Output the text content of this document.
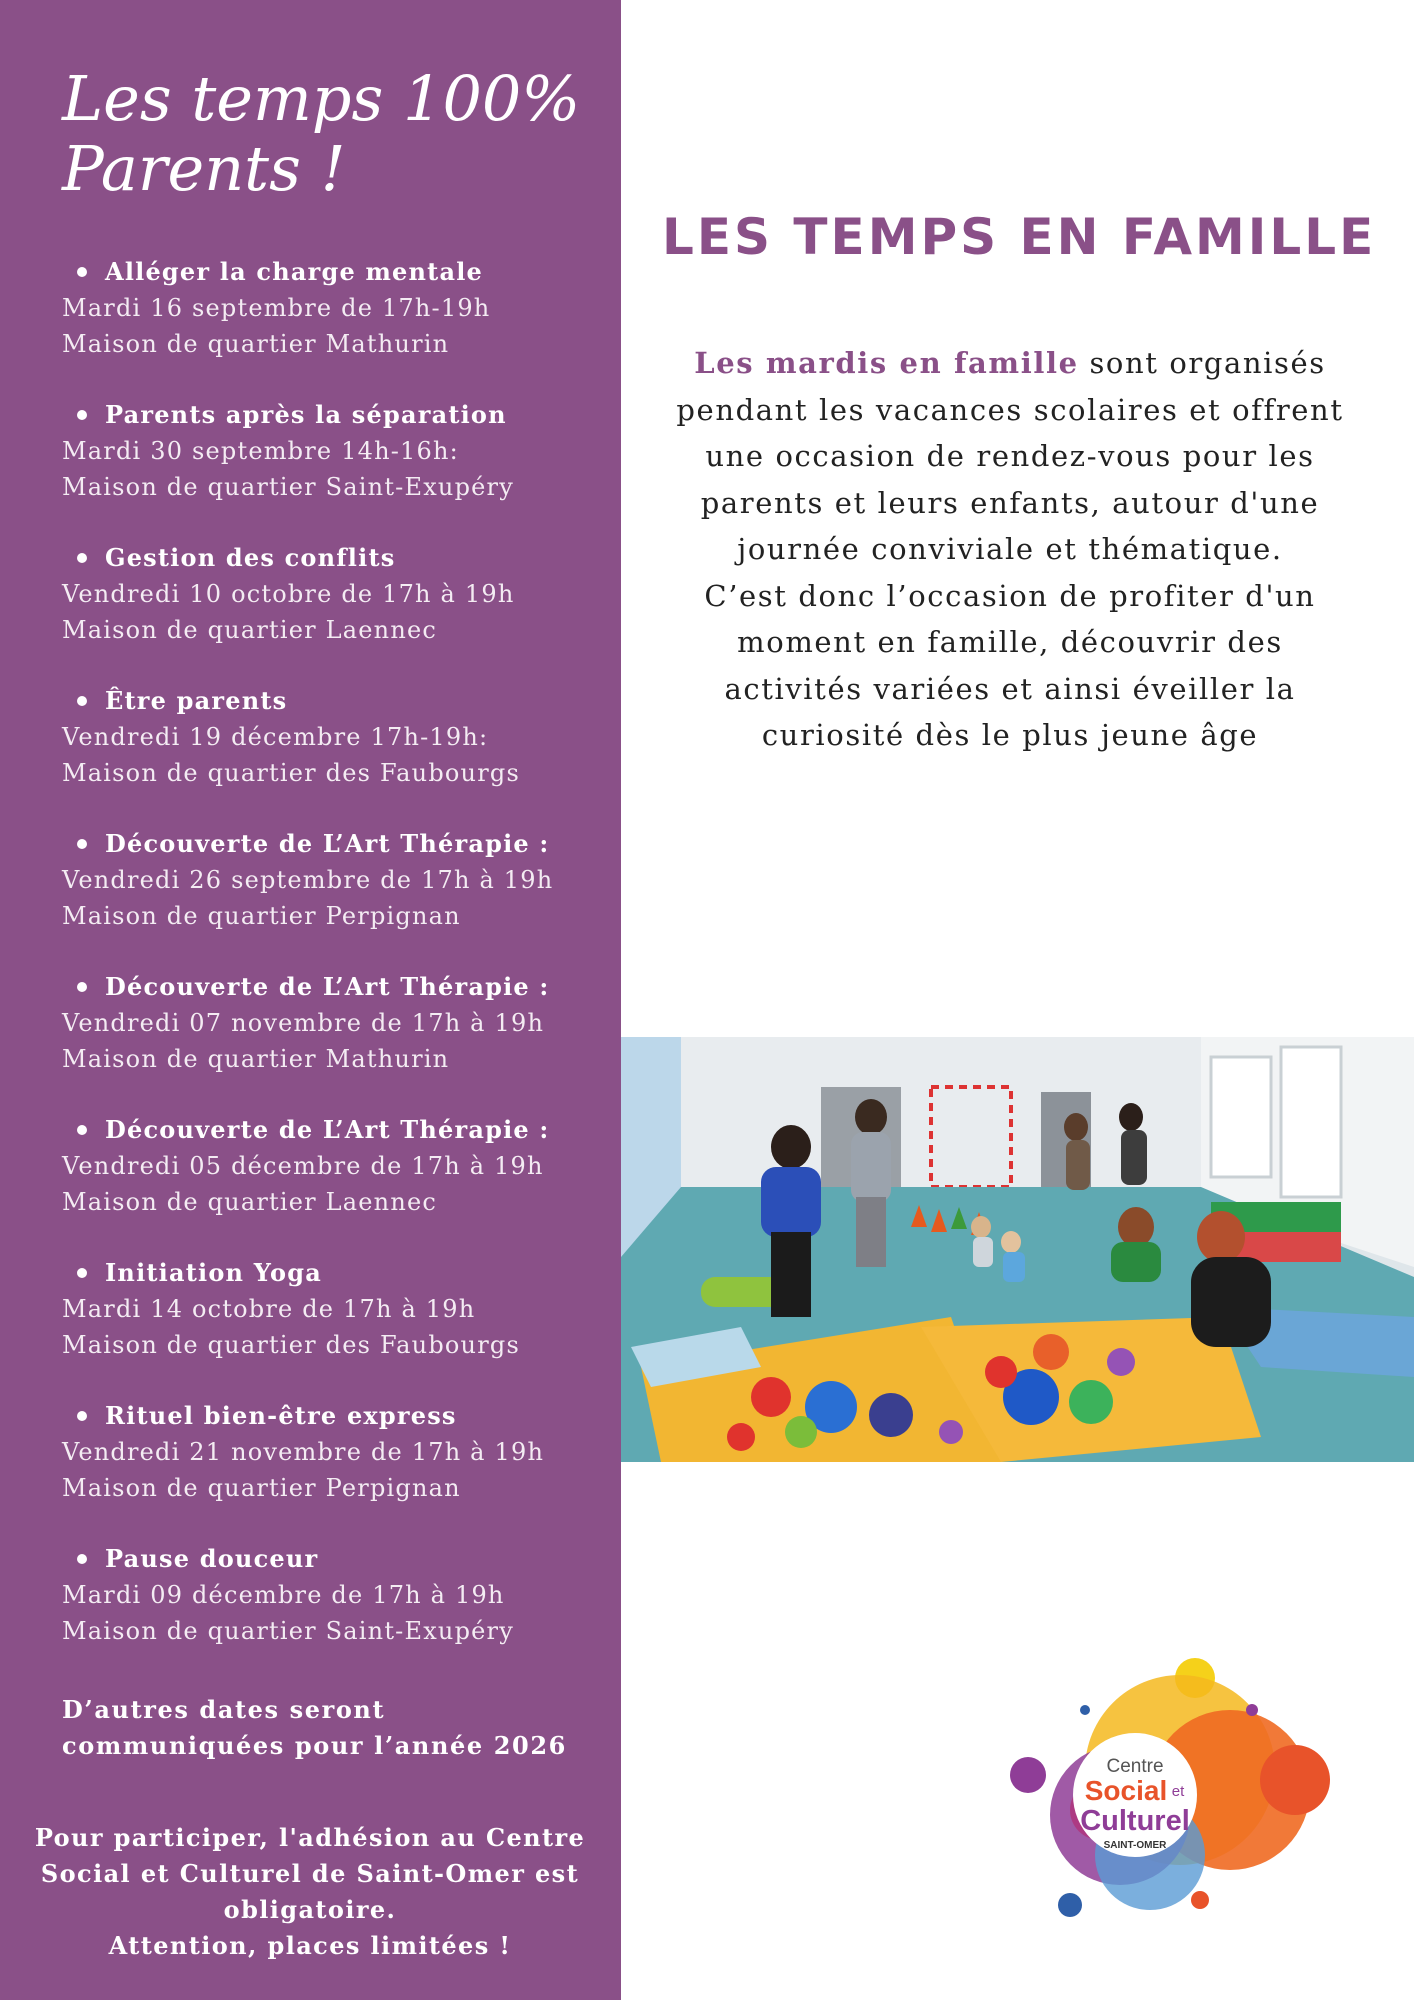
Les temps 100%
Parents !
Alléger la charge mentale
Mardi 16 septembre de 17h-19h
Maison de quartier Mathurin
Parents après la séparation
Mardi 30 septembre 14h-16h:
Maison de quartier Saint-Exupéry
Gestion des conflits
Vendredi 10 octobre de 17h à 19h
Maison de quartier Laennec
Être parents
Vendredi 19 décembre 17h-19h:
Maison de quartier des Faubourgs
Découverte de L’Art Thérapie :
Vendredi 26 septembre de 17h à 19h
Maison de quartier Perpignan
Découverte de L’Art Thérapie :
Vendredi 07 novembre de 17h à 19h
Maison de quartier Mathurin
Découverte de L’Art Thérapie :
Vendredi 05 décembre de 17h à 19h
Maison de quartier Laennec
Initiation Yoga
Mardi 14 octobre de 17h à 19h
Maison de quartier des Faubourgs
Rituel bien-être express
Vendredi 21 novembre de 17h à 19h
Maison de quartier Perpignan
Pause douceur
Mardi 09 décembre de 17h à 19h
Maison de quartier Saint-Exupéry
D’autres dates seront
communiquées pour l’année 2026
Pour participer, l'adhésion au Centre
Social et Culturel de Saint-Omer est
obligatoire.
Attention, places limitées !
LES TEMPS EN FAMILLE
Les mardis en famille sont organisés
pendant les vacances scolaires et offrent
une occasion de rendez-vous pour les
parents et leurs enfants, autour d'une
journée conviviale et thématique.
C’est donc l’occasion de profiter d'un
moment en famille, découvrir des
activités variées et ainsi éveiller la
curiosité dès le plus jeune âge
Centre
Social et
Culturel
SAINT-OMER
